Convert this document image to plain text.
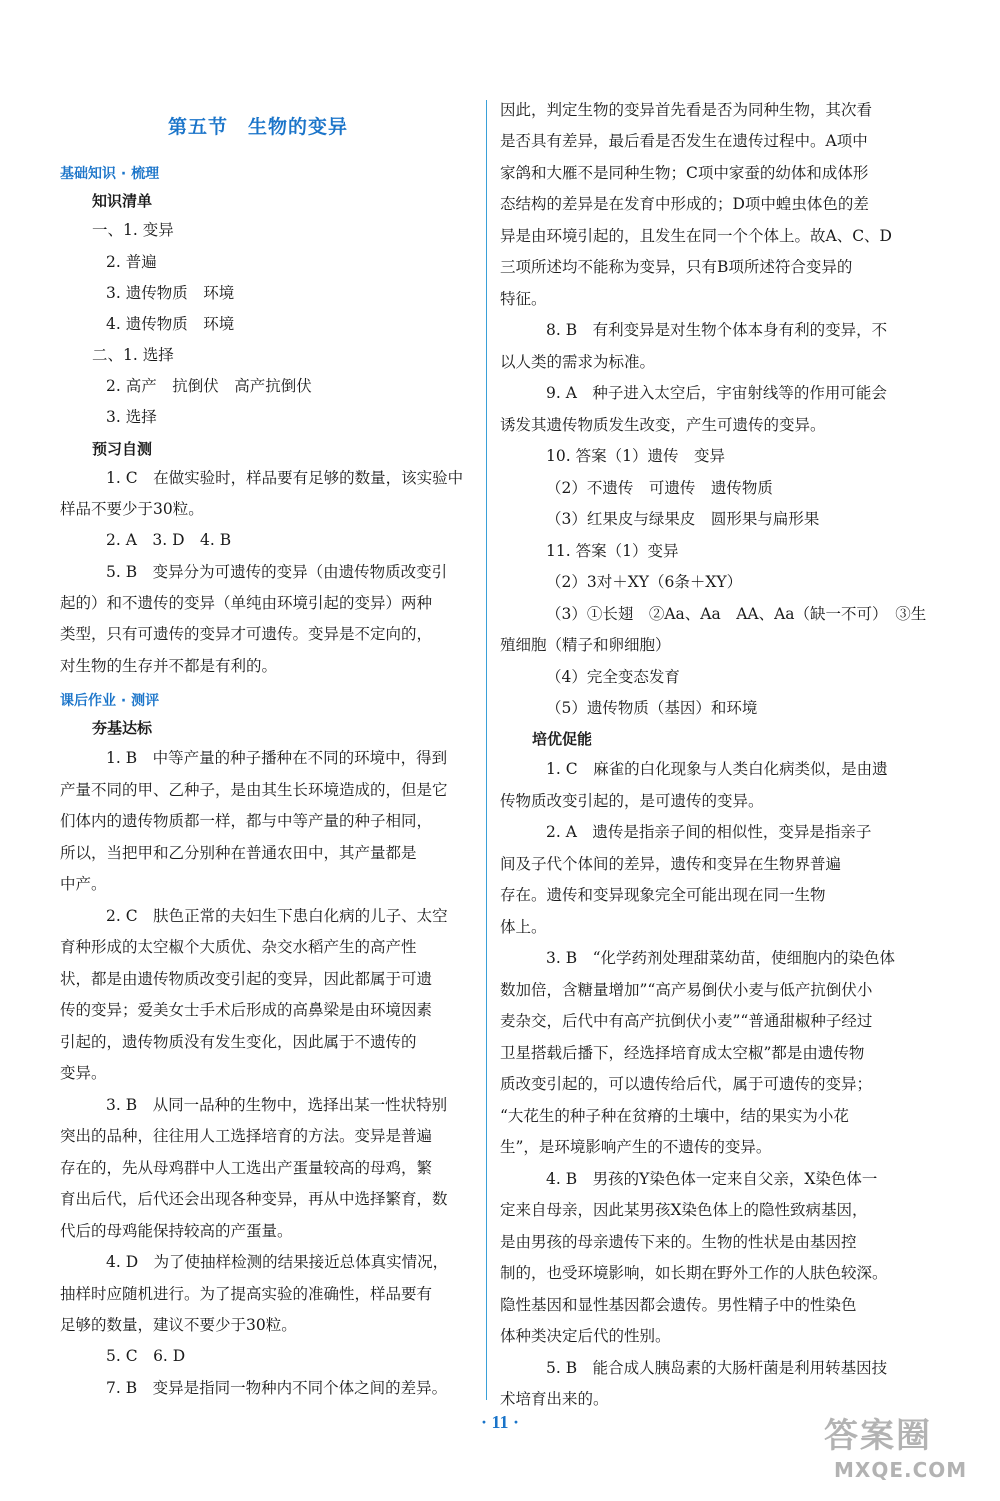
第五节　生物的变异
基础知识 · 梳理
知识清单
一、1. 变异
2. 普遍
3. 遗传物质　环境
4. 遗传物质　环境
二、1. 选择
2. 高产　抗倒伏　高产抗倒伏
3. 选择
预习自测
1. C　在做实验时，样品要有足够的数量，该实验中
样品不要少于30粒。
2. A　3. D　4. B
5. B　变异分为可遗传的变异（由遗传物质改变引
起的）和不遗传的变异（单纯由环境引起的变异）两种
类型，只有可遗传的变异才可遗传。变异是不定向的，
对生物的生存并不都是有利的。
课后作业 · 测评
夯基达标
1. B　中等产量的种子播种在不同的环境中，得到
产量不同的甲、乙种子，是由其生长环境造成的，但是它
们体内的遗传物质都一样，都与中等产量的种子相同，
所以，当把甲和乙分别种在普通农田中，其产量都是
中产。
2. C　肤色正常的夫妇生下患白化病的儿子、太空
育种形成的太空椒个大质优、杂交水稻产生的高产性
状，都是由遗传物质改变引起的变异，因此都属于可遗
传的变异；爱美女士手术后形成的高鼻梁是由环境因素
引起的，遗传物质没有发生变化，因此属于不遗传的
变异。
3. B　从同一品种的生物中，选择出某一性状特别
突出的品种，往往用人工选择培育的方法。变异是普遍
存在的，先从母鸡群中人工选出产蛋量较高的母鸡，繁
育出后代，后代还会出现各种变异，再从中选择繁育，数
代后的母鸡能保持较高的产蛋量。
4. D　为了使抽样检测的结果接近总体真实情况，
抽样时应随机进行。为了提高实验的准确性，样品要有
足够的数量，建议不要少于30粒。
5. C　6. D
7. B　变异是指同一物种内不同个体之间的差异。
因此，判定生物的变异首先看是否为同种生物，其次看
是否具有差异，最后看是否发生在遗传过程中。A项中
家鸽和大雁不是同种生物；C项中家蚕的幼体和成体形
态结构的差异是在发育中形成的；D项中蝗虫体色的差
异是由环境引起的，且发生在同一个个体上。故A、C、D
三项所述均不能称为变异，只有B项所述符合变异的
特征。
8. B　有利变异是对生物个体本身有利的变异，不
以人类的需求为标准。
9. A　种子进入太空后，宇宙射线等的作用可能会
诱发其遗传物质发生改变，产生可遗传的变异。
10. 答案（1）遗传　变异
（2）不遗传　可遗传　遗传物质
（3）红果皮与绿果皮　圆形果与扁形果
11. 答案（1）变异
（2）3对＋XY（6条＋XY）
（3）①长翅　②Aa、Aa　AA、Aa（缺一不可）　③生
殖细胞（精子和卵细胞）
（4）完全变态发育
（5）遗传物质（基因）和环境
培优促能
1. C　麻雀的白化现象与人类白化病类似，是由遗
传物质改变引起的，是可遗传的变异。
2. A　遗传是指亲子间的相似性，变异是指亲子
间及子代个体间的差异，遗传和变异在生物界普遍
存在。遗传和变异现象完全可能出现在同一生物
体上。
3. B　“化学药剂处理甜菜幼苗，使细胞内的染色体
数加倍，含糖量增加”“高产易倒伏小麦与低产抗倒伏小
麦杂交，后代中有高产抗倒伏小麦”“普通甜椒种子经过
卫星搭载后播下，经选择培育成太空椒”都是由遗传物
质改变引起的，可以遗传给后代，属于可遗传的变异；
“大花生的种子种在贫瘠的土壤中，结的果实为小花
生”，是环境影响产生的不遗传的变异。
4. B　男孩的Y染色体一定来自父亲，X染色体一
定来自母亲，因此某男孩X染色体上的隐性致病基因，
是由男孩的母亲遗传下来的。生物的性状是由基因控
制的，也受环境影响，如长期在野外工作的人肤色较深。
隐性基因和显性基因都会遗传。男性精子中的性染色
体种类决定后代的性别。
5. B　能合成人胰岛素的大肠杆菌是利用转基因技
术培育出来的。
· 11 ·	答案圈
MXQE.COM
